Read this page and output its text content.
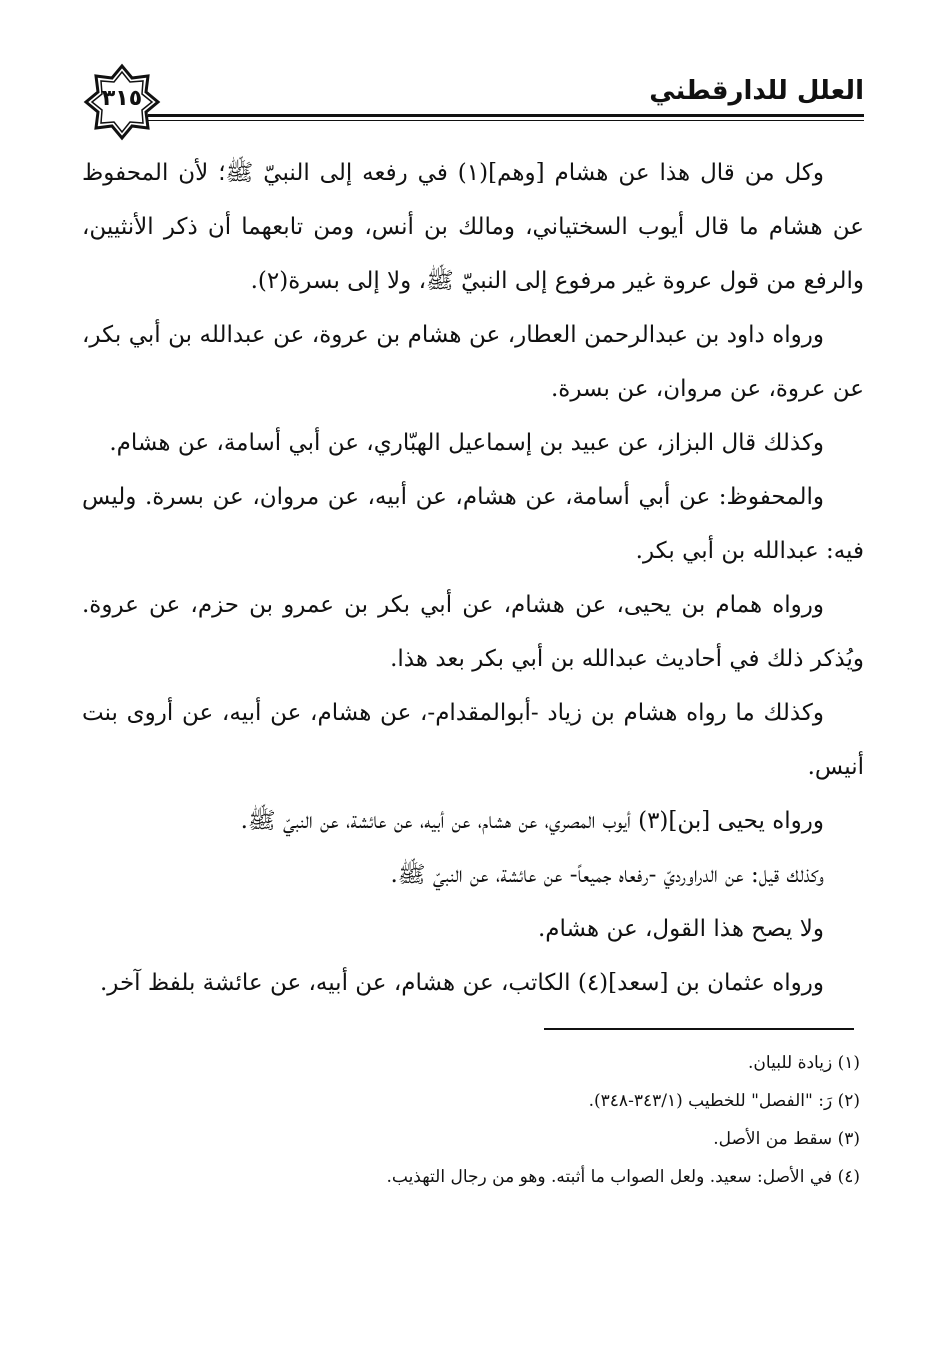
العلل للدارقطني
٣١٥

وكل من قال هذا عن هشام [وهم](١) في رفعه إلى النبيّ ﷺ؛ لأن المحفوظ عن هشام ما قال أيوب السختياني، ومالك بن أنس، ومن تابعهما أن ذكر الأنثيين، والرفع من قول عروة غير مرفوع إلى النبيّ ﷺ، ولا إلى بسرة(٢).

ورواه داود بن عبدالرحمن العطار، عن هشام بن عروة، عن عبدالله بن أبي بكر، عن عروة، عن مروان، عن بسرة.

وكذلك قال البزاز، عن عبيد بن إسماعيل الهبّاري، عن أبي أسامة، عن هشام.

والمحفوظ: عن أبي أسامة، عن هشام، عن أبيه، عن مروان، عن بسرة. وليس فيه: عبدالله بن أبي بكر.

ورواه همام بن يحيى، عن هشام، عن أبي بكر بن عمرو بن حزم، عن عروة. ويُذكر ذلك في أحاديث عبدالله بن أبي بكر بعد هذا.

وكذلك ما رواه هشام بن زياد -أبوالمقدام-، عن هشام، عن أبيه، عن أروى بنت أنيس.

ورواه يحيى [بن](٣) أيوب المصري، عن هشام، عن أبيه، عن عائشة، عن النبيّ ﷺ.

وكذلك قيل: عن الدراورديّ -رفعاه جميعاً- عن عائشة، عن النبيّ ﷺ.

ولا يصح هذا القول، عن هشام.

ورواه عثمان بن [سعد](٤) الكاتب، عن هشام، عن أبيه، عن عائشة بلفظ آخر.

(١) زيادة للبيان.

(٢) رَ: "الفصل" للخطيب (٣٤٣/١-٣٤٨).

(٣) سقط من الأصل.

(٤) في الأصل: سعيد. ولعل الصواب ما أثبته. وهو من رجال التهذيب.
